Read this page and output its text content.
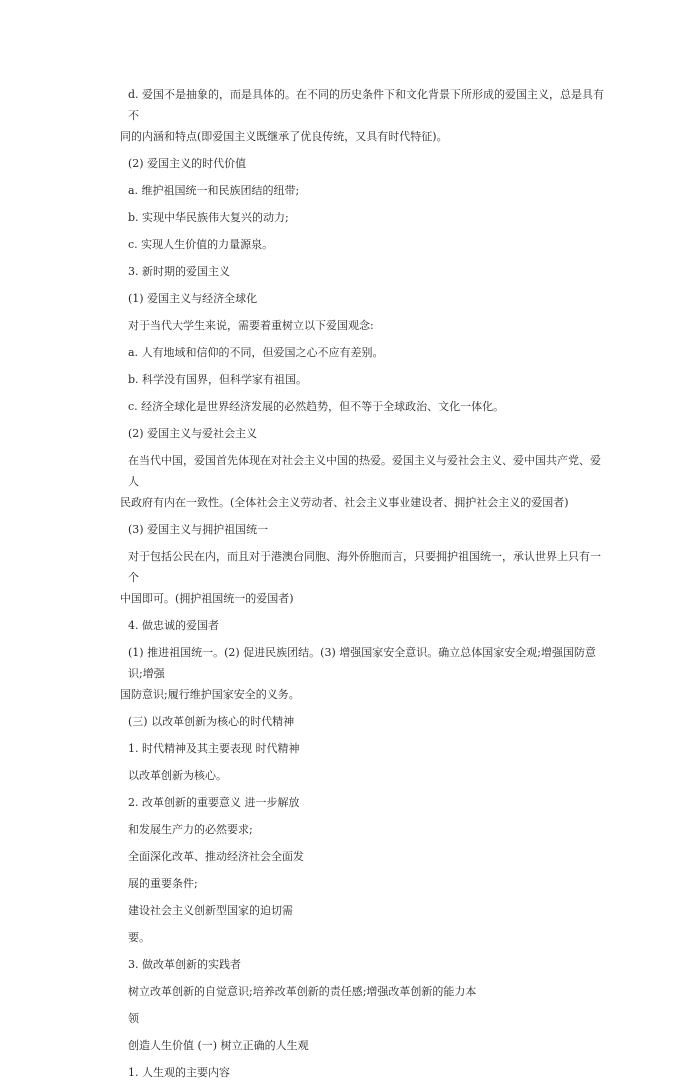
d. 爱国不是抽象的，而是具体的。在不同的历史条件下和文化背景下所形成的爱国主义，总是具有不
同的内涵和特点(即爱国主义既继承了优良传统，又具有时代特征)。

(2) 爱国主义的时代价值

a. 维护祖国统一和民族团结的纽带;

b. 实现中华民族伟大复兴的动力;

c. 实现人生价值的力量源泉。

3. 新时期的爱国主义

(1) 爱国主义与经济全球化

对于当代大学生来说，需要着重树立以下爱国观念:

a. 人有地域和信仰的不同，但爱国之心不应有差别。

b. 科学没有国界，但科学家有祖国。

c. 经济全球化是世界经济发展的必然趋势，但不等于全球政治、文化一体化。

(2) 爱国主义与爱社会主义

在当代中国，爱国首先体现在对社会主义中国的热爱。爱国主义与爱社会主义、爱中国共产党、爱人
民政府有内在一致性。(全体社会主义劳动者、社会主义事业建设者、拥护社会主义的爱国者)

(3) 爱国主义与拥护祖国统一

对于包括公民在内，而且对于港澳台同胞、海外侨胞而言，只要拥护祖国统一，承认世界上只有一个
中国即可。(拥护祖国统一的爱国者)

4. 做忠诚的爱国者

(1) 推进祖国统一。(2) 促进民族团结。(3) 增强国家安全意识。确立总体国家安全观;增强国防意识;增强
国防意识;履行维护国家安全的义务。

(三) 以改革创新为核心的时代精神

1. 时代精神及其主要表现 时代精神

以改革创新为核心。

2. 改革创新的重要意义 进一步解放

和发展生产力的必然要求;

全面深化改革、推动经济社会全面发

展的重要条件;

建设社会主义创新型国家的迫切需

要。

3. 做改革创新的实践者

树立改革创新的自觉意识;培养改革创新的责任感;增强改革创新的能力本

领

创造人生价值 (一) 树立正确的人生观

1. 人生观的主要内容
